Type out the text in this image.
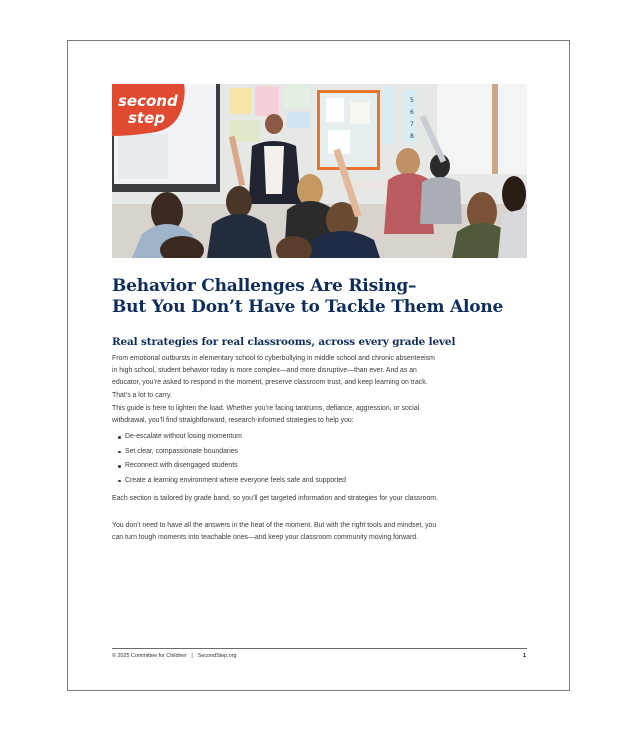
5
6
7
8
second
step
Behavior Challenges Are Rising–
But You Don’t Have to Tackle Them Alone
Real strategies for real classrooms, across every grade level

From emotional outbursts in elementary school to cyberbullying in middle school and chronic absenteeism in high school, student behavior today is more complex—and more disruptive—than ever. And as an educator, you’re asked to respond in the moment, preserve classroom trust, and keep learning on track. That’s a lot to carry.

This guide is here to lighten the load. Whether you’re facing tantrums, defiance, aggression, or social withdrawal, you’ll find straightforward, research-informed strategies to help you:

De-escalate without losing momentum
Set clear, compassionate boundaries
Reconnect with disengaged students
Create a learning environment where everyone feels safe and supported

Each section is tailored by grade band, so you’ll get targeted information and strategies for your classroom.

You don’t need to have all the answers in the heat of the moment. But with the right tools and mindset, you can turn tough moments into teachable ones—and keep your classroom community moving forward.

© 2025 Committee for Children | SecondStep.org	1
